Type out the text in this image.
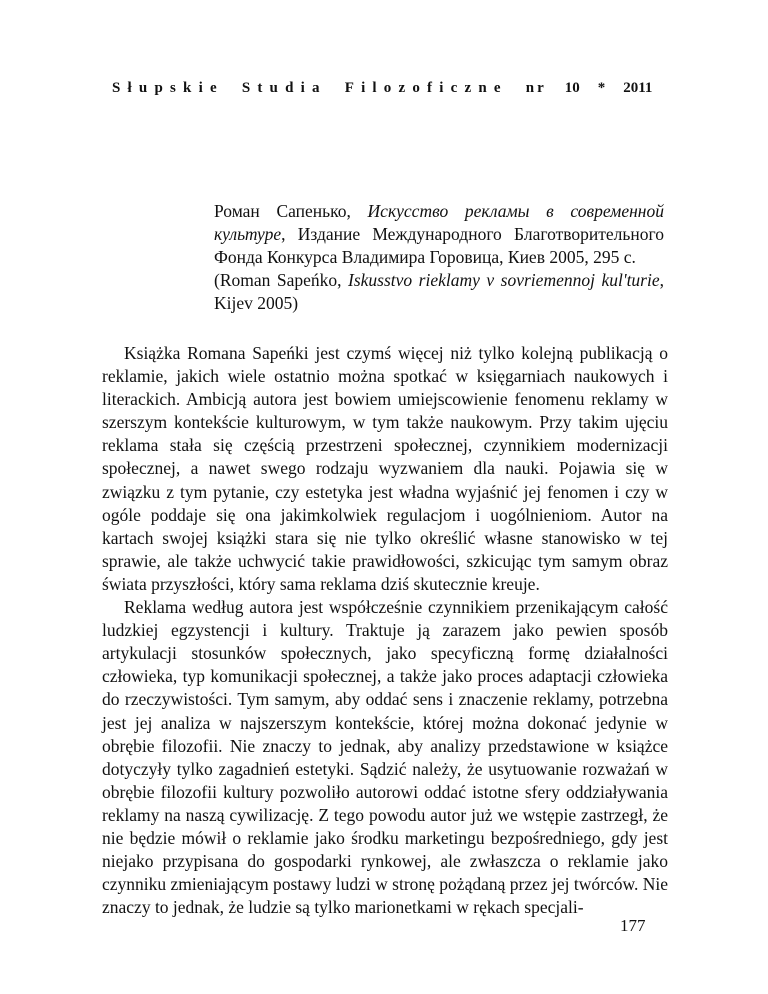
Słupskie Studia Filozoficzne nr 10 * 2011

Роман Сапенько, Искусство рекламы в современной культуре, Издание Международного Благотворительного Фонда Конкурса Владимира Горовица, Киев 2005, 295 с.

(Roman Sapeńko, Iskusstvo rieklamy v sovriemennoj kul'turie, Kijev 2005)

Książka Romana Sapeńki jest czymś więcej niż tylko kolejną publikacją o reklamie, jakich wiele ostatnio można spotkać w księgarniach naukowych i literackich. Ambicją autora jest bowiem umiejscowienie fenomenu reklamy w szerszym kontekście kulturowym, w tym także naukowym. Przy takim ujęciu reklama stała się częścią przestrzeni społecznej, czynnikiem modernizacji społecznej, a nawet swego rodzaju wyzwaniem dla nauki. Pojawia się w związku z tym pytanie, czy estetyka jest władna wyjaśnić jej fenomen i czy w ogóle poddaje się ona jakimkolwiek regulacjom i uogólnieniom. Autor na kartach swojej książki stara się nie tylko określić własne stanowisko w tej sprawie, ale także uchwycić takie prawidłowości, szkicując tym samym obraz świata przyszłości, który sama reklama dziś skutecznie kreuje.

Reklama według autora jest współcześnie czynnikiem przenikającym całość ludzkiej egzystencji i kultury. Traktuje ją zarazem jako pewien sposób artykulacji stosunków społecznych, jako specyficzną formę działalności człowieka, typ komunikacji społecznej, a także jako proces adaptacji człowieka do rzeczywistości. Tym samym, aby oddać sens i znaczenie reklamy, potrzebna jest jej analiza w najszerszym kontekście, której można dokonać jedynie w obrębie filozofii. Nie znaczy to jednak, aby analizy przedstawione w książce dotyczyły tylko zagadnień estetyki. Sądzić należy, że usytuowanie rozważań w obrębie filozofii kultury pozwoliło autorowi oddać istotne sfery oddziaływania reklamy na naszą cywilizację. Z tego powodu autor już we wstępie zastrzegł, że nie będzie mówił o reklamie jako środku marketingu bezpośredniego, gdy jest niejako przypisana do gospodarki rynkowej, ale zwłaszcza o reklamie jako czynniku zmieniającym postawy ludzi w stronę pożądaną przez jej twórców. Nie znaczy to jednak, że ludzie są tylko marionetkami w rękach specjali-

177
